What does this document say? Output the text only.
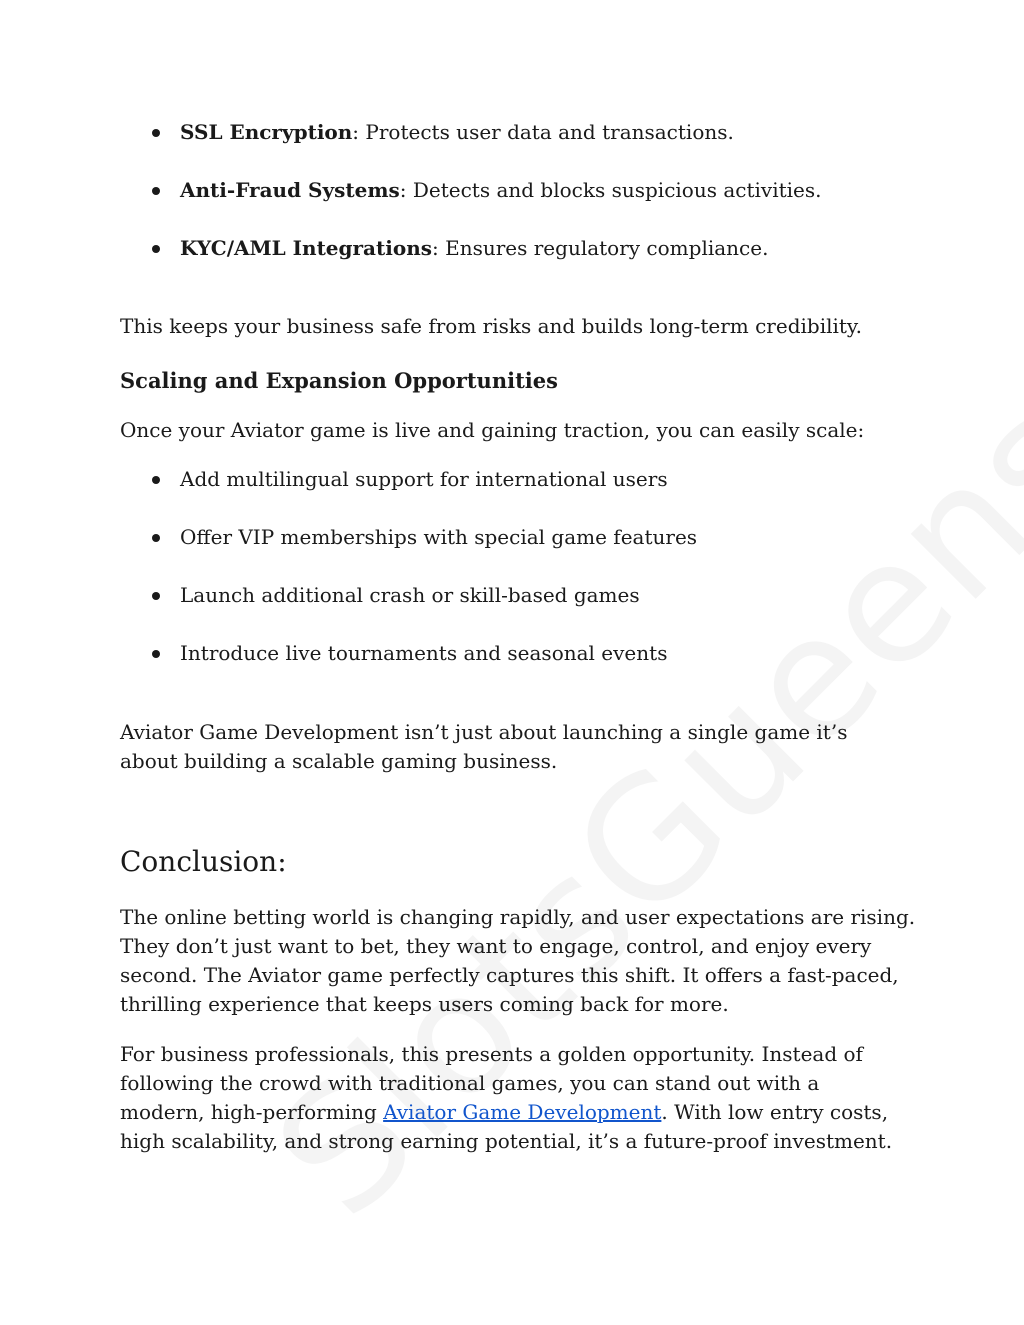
SSL Encryption: Protects user data and transactions.
Anti-Fraud Systems: Detects and blocks suspicious activities.
KYC/AML Integrations: Ensures regulatory compliance.

This keeps your business safe from risks and builds long-term credibility.

Scaling and Expansion Opportunities

Once your Aviator game is live and gaining traction, you can easily scale:

Add multilingual support for international users
Offer VIP memberships with special game features
Launch additional crash or skill-based games
Introduce live tournaments and seasonal events

Aviator Game Development isn’t just about launching a single game it’s about building a scalable gaming business.

Conclusion:

The online betting world is changing rapidly, and user expectations are rising. They don’t just want to bet, they want to engage, control, and enjoy every second. The Aviator game perfectly captures this shift. It offers a fast-paced, thrilling experience that keeps users coming back for more.

For business professionals, this presents a golden opportunity. Instead of following the crowd with traditional games, you can stand out with a modern, high-performing Aviator Game Development. With low entry costs, high scalability, and strong earning potential, it’s a future-proof investment.
